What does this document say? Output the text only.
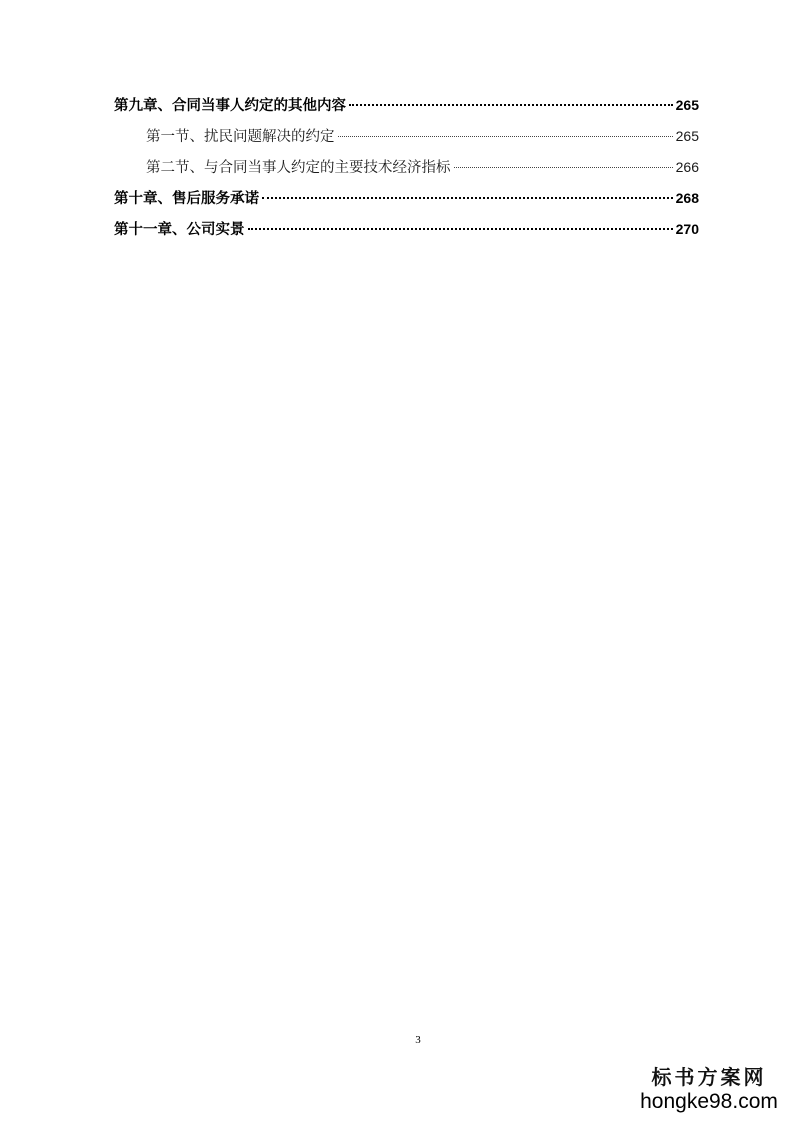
第九章、合同当事人约定的其他内容	265
第一节、扰民问题解决的约定	265
第二节、与合同当事人约定的主要技术经济指标	266
第十章、售后服务承诺	268
第十一章、公司实景	270
3
标书方案网
hongke98.com
